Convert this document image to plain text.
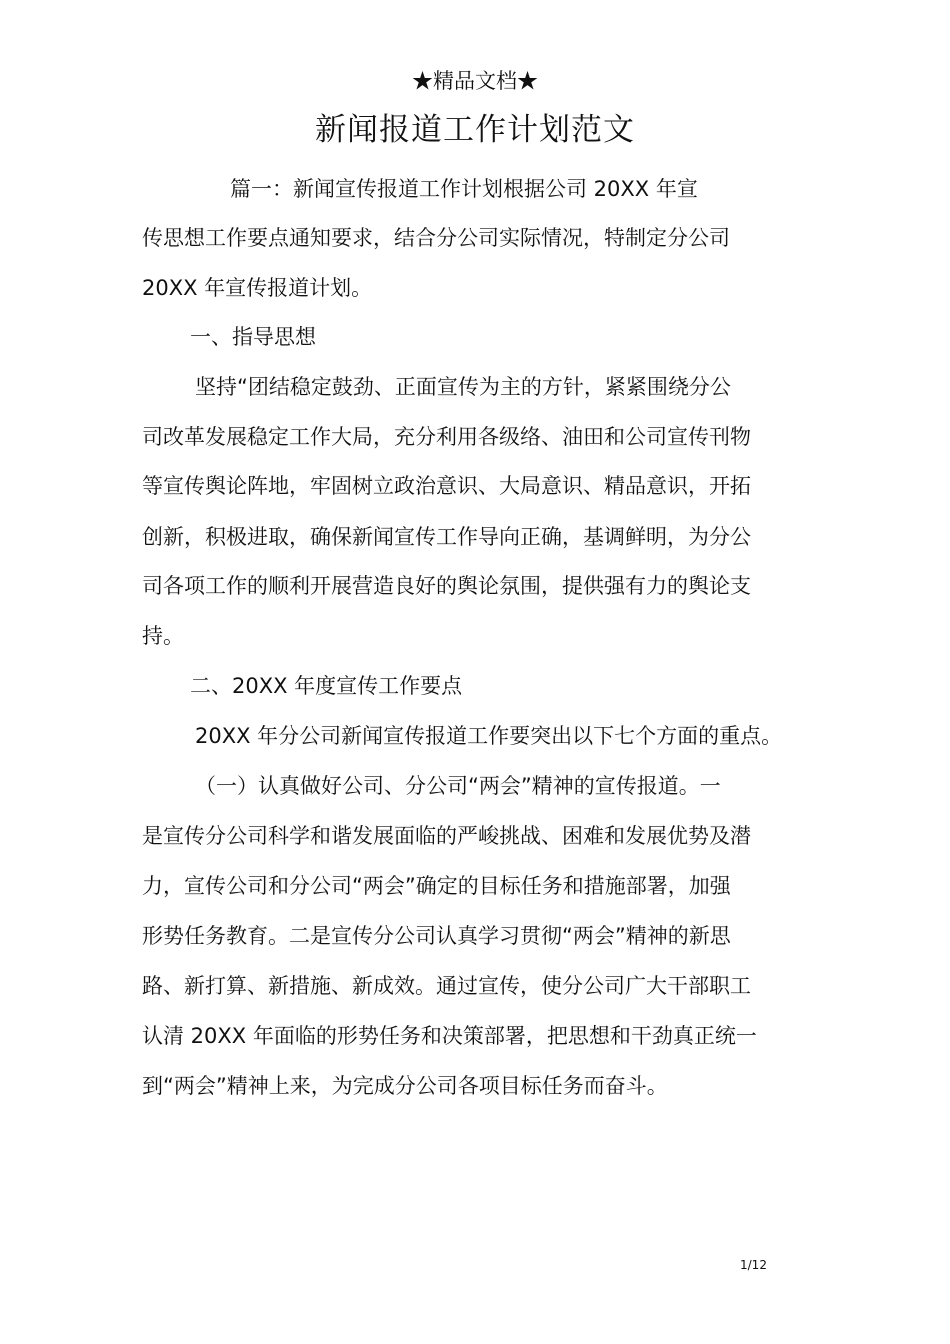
★精品文档★
新闻报道工作计划范文
篇一：新闻宣传报道工作计划根据公司 20XX 年宣
传思想工作要点通知要求，结合分公司实际情况，特制定分公司
20XX 年宣传报道计划。
一、指导思想
坚持“团结稳定鼓劲、正面宣传为主的方针，紧紧围绕分公
司改革发展稳定工作大局，充分利用各级络、油田和公司宣传刊物
等宣传舆论阵地，牢固树立政治意识、大局意识、精品意识，开拓
创新，积极进取，确保新闻宣传工作导向正确，基调鲜明，为分公
司各项工作的顺利开展营造良好的舆论氛围，提供强有力的舆论支
持。
二、20XX 年度宣传工作要点
20XX 年分公司新闻宣传报道工作要突出以下七个方面的重点。
（一）认真做好公司、分公司“两会”精神的宣传报道。一
是宣传分公司科学和谐发展面临的严峻挑战、困难和发展优势及潜
力，宣传公司和分公司“两会”确定的目标任务和措施部署，加强
形势任务教育。二是宣传分公司认真学习贯彻“两会”精神的新思
路、新打算、新措施、新成效。通过宣传，使分公司广大干部职工
认清 20XX 年面临的形势任务和决策部署，把思想和干劲真正统一
到“两会”精神上来，为完成分公司各项目标任务而奋斗。
1/12
